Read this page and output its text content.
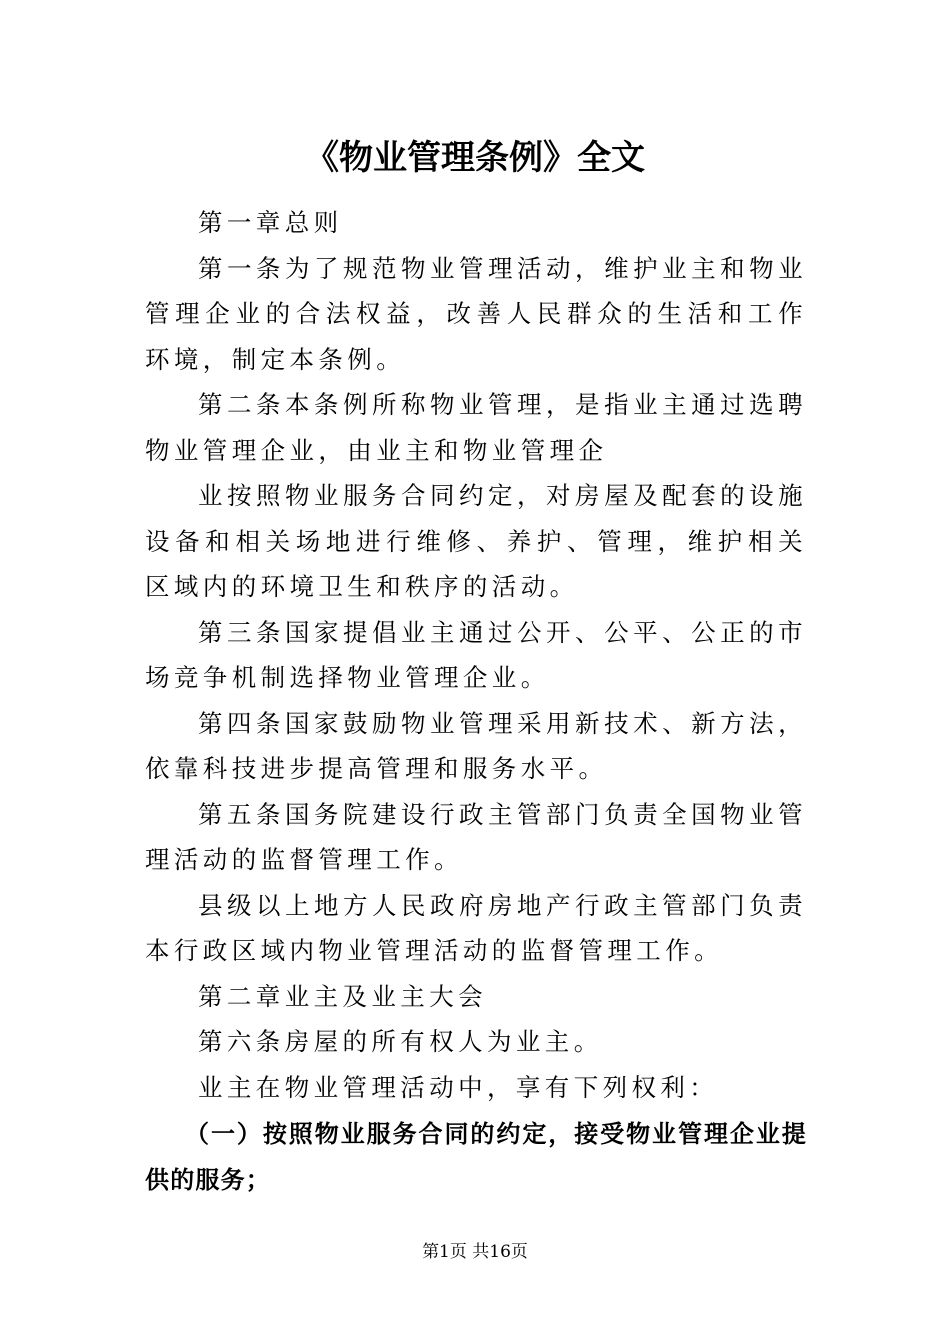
《物业管理条例》全文

第一章总则

第一条为了规范物业管理活动，维护业主和物业管理企业的合法权益，改善人民群众的生活和工作环境，制定本条例。

第二条本条例所称物业管理，是指业主通过选聘物业管理企业，由业主和物业管理企

业按照物业服务合同约定，对房屋及配套的设施设备和相关场地进行维修、养护、管理，维护相关区域内的环境卫生和秩序的活动。

第三条国家提倡业主通过公开、公平、公正的市场竞争机制选择物业管理企业。

第四条国家鼓励物业管理采用新技术、新方法，依靠科技进步提高管理和服务水平。

第五条国务院建设行政主管部门负责全国物业管理活动的监督管理工作。

县级以上地方人民政府房地产行政主管部门负责本行政区域内物业管理活动的监督管理工作。

第二章业主及业主大会

第六条房屋的所有权人为业主。

业主在物业管理活动中，享有下列权利：

（一）按照物业服务合同的约定，接受物业管理企业提供的服务；

第1页 共16页
